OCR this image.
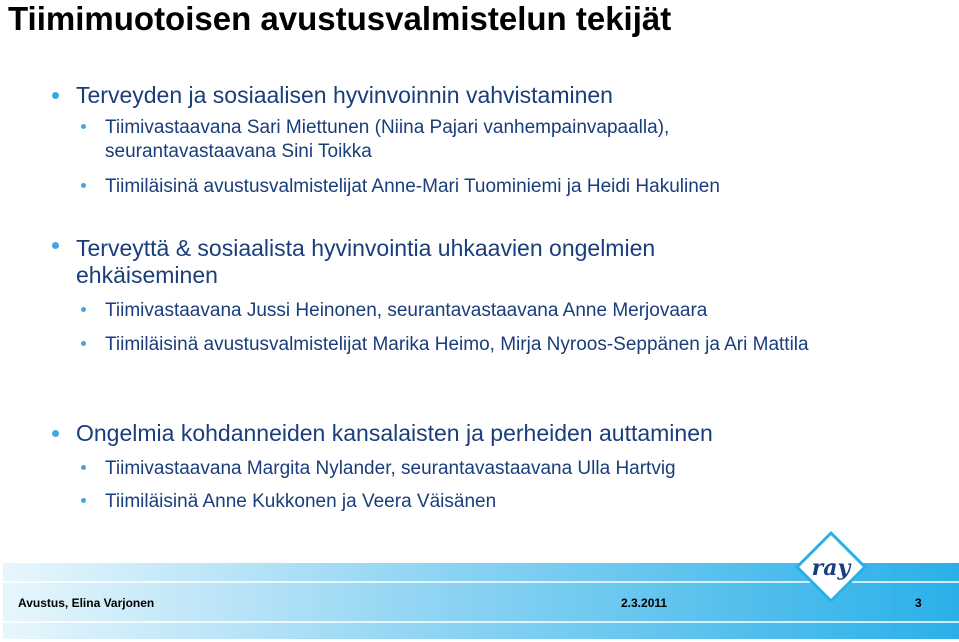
Tiimimuotoisen avustusvalmistelun tekijät
Terveyden ja sosiaalisen hyvinvoinnin vahvistaminen
Tiimivastaavana Sari Miettunen (Niina Pajari vanhempainvapaalla), seurantavastaavana Sini Toikka
Tiimiläisinä avustusvalmistelijat Anne-Mari Tuominiemi ja Heidi Hakulinen
Terveyttä & sosiaalista hyvinvointia uhkaavien ongelmien ehkäiseminen
Tiimivastaavana Jussi Heinonen, seurantavastaavana Anne Merjovaara
Tiimiläisinä avustusvalmistelijat Marika Heimo, Mirja Nyroos-Seppänen ja Ari Mattila
Ongelmia kohdanneiden kansalaisten ja perheiden auttaminen
Tiimivastaavana Margita Nylander, seurantavastaavana Ulla Hartvig
Tiimiläisinä Anne Kukkonen ja Veera Väisänen
Avustus, Elina Varjonen	2.3.2011	3
ray
